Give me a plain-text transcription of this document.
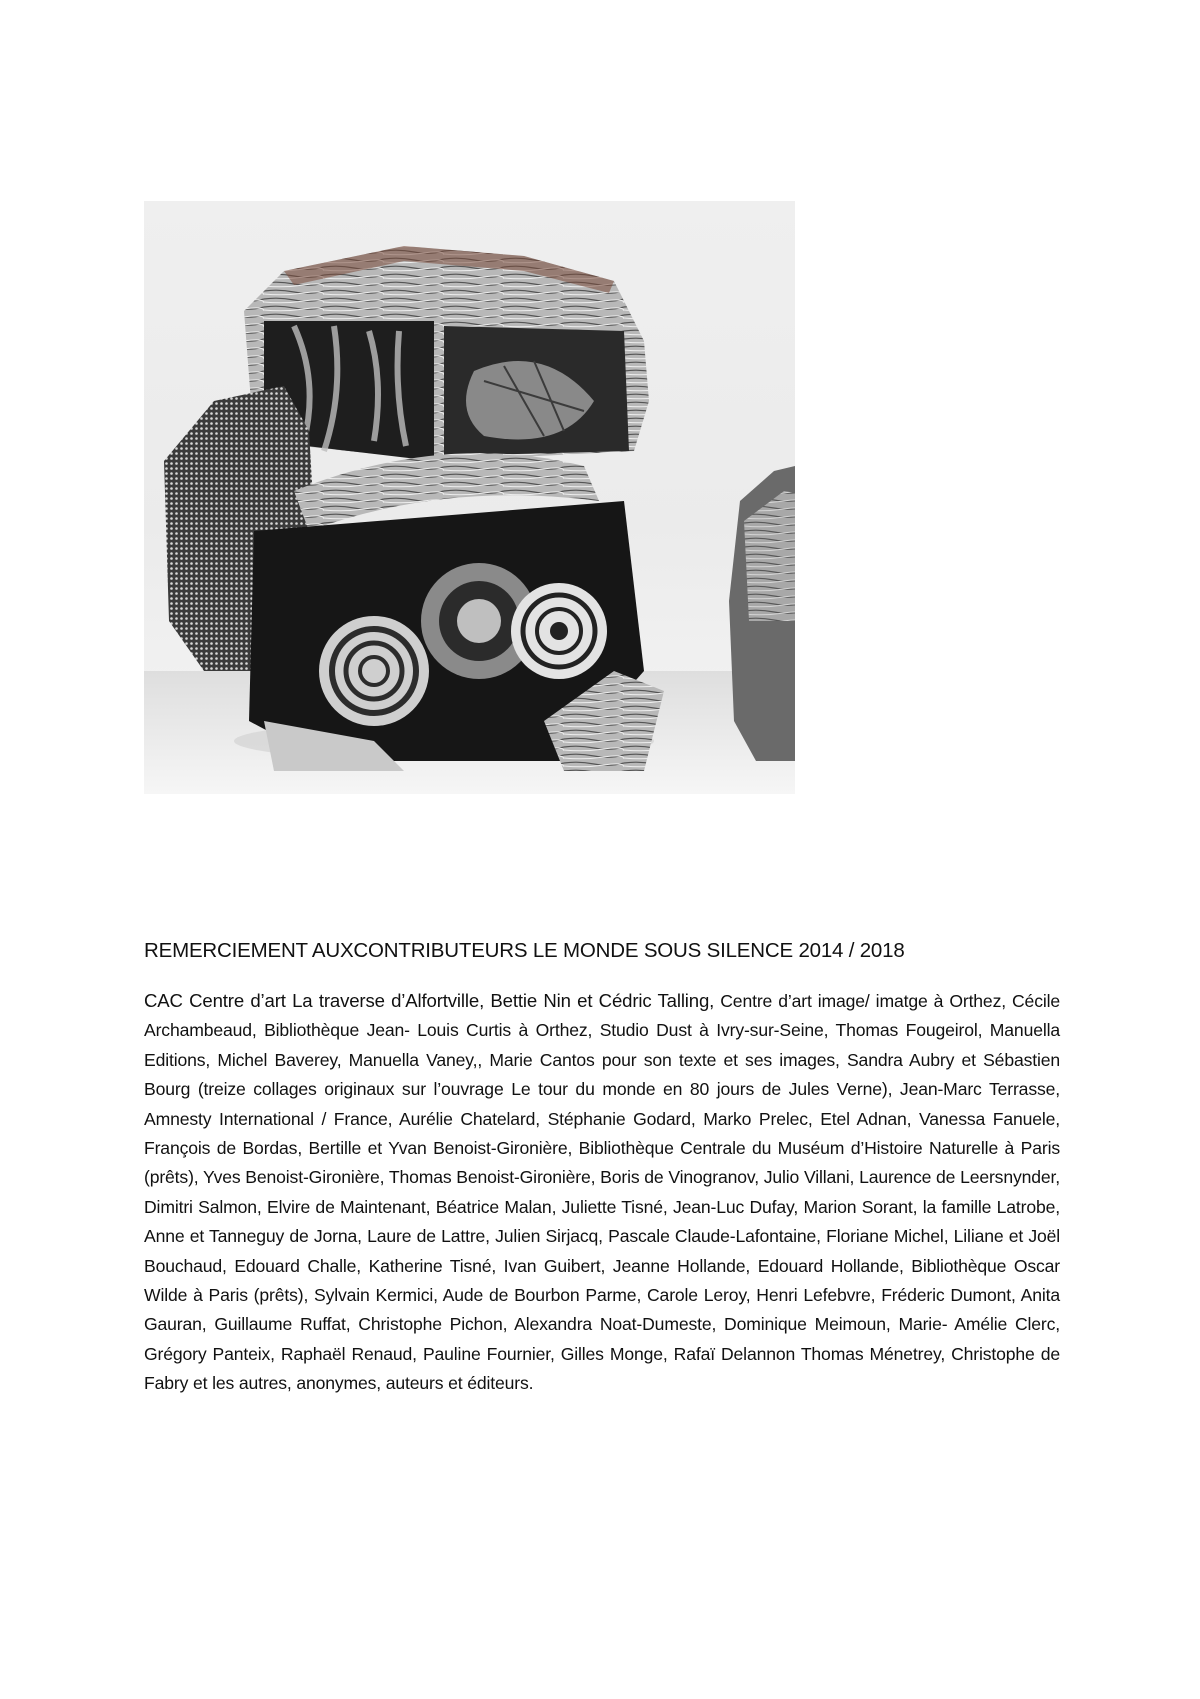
REMERCIEMENT AUXCONTRIBUTEURS LE MONDE SOUS SILENCE 2014 / 2018

CAC Centre d’art La traverse d’Alfortville, Bettie Nin et Cédric Talling, Centre d’art image/ imatge à Orthez, Cécile Archambeaud, Bibliothèque Jean- Louis Curtis à Orthez, Studio Dust à Ivry-sur-Seine, Thomas Fougeirol, Manuella Editions, Michel Baverey, Manuella Vaney,, Marie Cantos pour son texte et ses images, Sandra Aubry et Sébastien Bourg (treize collages originaux sur l’ouvrage Le tour du monde en 80 jours de Jules Verne), Jean-Marc Terrasse, Amnesty International / France, Aurélie Chatelard, Stéphanie Godard, Marko Prelec, Etel Adnan, Vanessa Fanuele, François de Bordas, Bertille et Yvan Benoist-Gironière, Bibliothèque Centrale du Muséum d’Histoire Naturelle à Paris (prêts), Yves Benoist-Gironière, Thomas Benoist-Gironière, Boris de Vinogranov, Julio Villani, Laurence de Leersnynder, Dimitri Salmon, Elvire de Maintenant, Béatrice Malan, Juliette Tisné, Jean-Luc Dufay, Marion Sorant, la famille Latrobe, Anne et Tanneguy de Jorna, Laure de Lattre, Julien Sirjacq, Pascale Claude-Lafontaine, Floriane Michel, Liliane et Joël Bouchaud, Edouard Challe, Katherine Tisné, Ivan Guibert, Jeanne Hollande, Edouard Hollande, Bibliothèque Oscar Wilde à Paris (prêts), Sylvain Kermici, Aude de Bourbon Parme, Carole Leroy, Henri Lefebvre, Fréderic Dumont, Anita Gauran, Guillaume Ruffat, Christophe Pichon, Alexandra Noat-Dumeste, Dominique Meimoun, Marie- Amélie Clerc, Grégory Panteix, Raphaël Renaud, Pauline Fournier, Gilles Monge, Rafaï Delannon Thomas Ménetrey, Christophe de Fabry et les autres, anonymes, auteurs et éditeurs.
